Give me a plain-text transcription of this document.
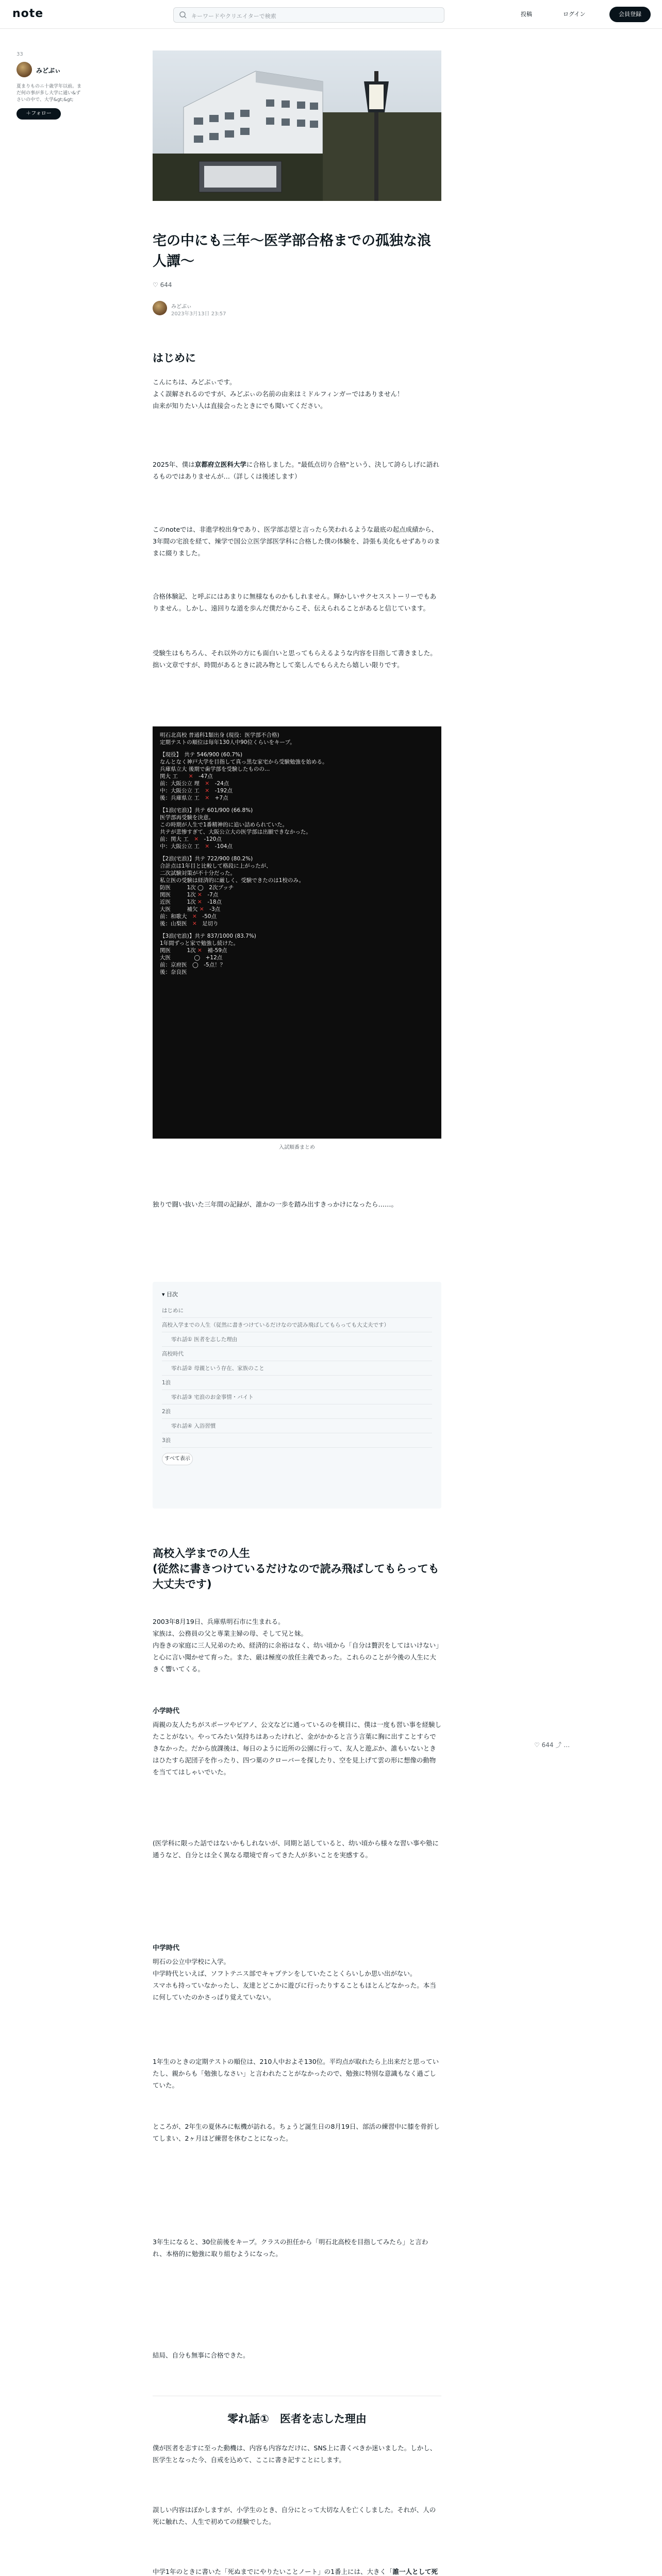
note	キーワードやクリエイターで検索	投稿	ログイン	会員登録
33
みどぶぃ
夏まりものニ十歳学年以前。まだ何の事が多し大学に通い&ずさいの中で、大学&gt;&gt;
＋フォロー
宅の中にも三年〜医学部合格までの孤独な浪人譚〜
♡ 644
みどぶぃ
2023年3月13日 23:57
はじめに
こんにちは、みどぶぃです。
よく誤解されるのですが、みどぶぃの名前の由来はミドルフィンガーではありません！
由来が知りたい人は直接会ったときにでも聞いてください。
2025年、僕は京都府立医科大学に合格しました。"最低点切り合格"という、決して誇らしげに語れるものではありませんが…（詳しくは後述します）
このnoteでは、非進学校出身であり、医学部志望と言ったら笑われるような最底の起点成績から、3年間の宅浪を経て、辣学で国公立医学部医学科に合格した僕の体験を、詩張も美化もせずありのままに綴りました。
合格体験記、と呼ぶにはあまりに無様なものかもしれません。輝かしいサクセスストーリーでもありません。しかし、遠回りな道を歩んだ僕だからこそ、伝えられることがあると信じています。
受験生はもちろん、それ以外の方にも面白いと思ってもらえるような内容を目指して書きました。拙い文章ですが、時間があるときに読み物として楽しんでもらえたら嬉しい限りです。
明石北高校 普通科1類出身 (現役：医学部不合格)
定期テストの順位は毎年130人中90位くらいをキープ。
【現役】　共テ 546/900 (60.7%)
なんとなく神戸大学を目指して真っ黒な家宅から受験勉強を始める。
兵庫県立大 後期で歯学部を受験したものの…
関大 工　　✕　-47点
前：大阪公立 理　✕　-24点
中：大阪公立 工　✕　-192点
後：兵庫県立 工　✕　+7点
【1浪(宅浪)】共テ 601/900 (66.8%)
医学部再受験を決意。
この時期が人生で1番精神的に追い詰められていた。
共テが悲惨すぎて、大阪公立大の医学部は出願できなかった。
前：関大 工　✕　-120点
中：大阪公立 工　✕　-104点
【2浪(宅浪)】共テ 722/900 (80.2%)
合計点は1年目と比較して格段に上がったが、
二次試験対策が不十分だった。
私立医の受験は経済的に厳しく、受験できたのは1校のみ。
防医　　　1次 ◯　2次ブッチ
関医　　　1次 ✕　-7点
近医　　　1次 ✕　-18点
大医　　　補欠 ✕　-3点
前：和歌大　✕　-50点
後：山梨医　✕　足切り
【3浪(宅浪)】共テ 837/1000 (83.7%)
1年間ずっと家で勉強し続けた。
関医　　　1次 ✕　補-59点
大医　　　　 ◯　+12点
前：京府医　◯　-5点！？
後：奈良医　　　
入試順番まとめ
独りで闘い抜いた三年間の記録が、誰かの一歩を踏み出すきっかけになったら……。
▾ 目次
はじめに
高校入学までの人生（従然に書きつけているだけなので読み飛ばしてもらっても大丈夫です）
零れ話① 医者を志した理由
高校時代
零れ話② 母親という存在、家族のこと
1浪
零れ話③ 宅浪のお金事情・バイト
2浪
零れ話④ 入浴習慣
3浪
すべて表示
高校入学までの人生
(従然に書きつけているだけなので読み飛ばしてもらっても大丈夫です)
2003年8月19日、兵庫県明石市に生まれる。
家族は、公務員の父と専業主婦の母、そして兄と妹。
内巻きの家庭に三人兄弟のため、経済的に余裕はなく、幼い頃から「自分は贅沢をしてはいけない」と心に言い聞かせて育った。また、厳は極度の放任主義であった。これらのことが今後の人生に大きく響いてくる。
小学時代
両親の友人たちがスポーツやピアノ、公文などに通っているのを横目に、僕は一度も習い事を経験したことがない。やってみたい気持ちはあったけれど、金がかかると言う言葉に胸に出すことすらできなかった。だから放課後は、毎日のように近所の公園に行って、友人と遊ぶか、誰もいないときはひたすら泥団子を作ったり、四つ葉のクローバーを探したり、空を見上げて雲の形に想像の動物を当ててはしゃいでいた。
(医学科に限った話ではないかもしれないが、同期と話していると、幼い頃から様々な習い事や塾に通うなど、自分とは全く異なる環境で育ってきた人が多いことを実感する。
中学時代
明石の公立中学校に入学。
中学時代といえば、ソフトテニス部でキャプテンをしていたことくらいしか思い出がない。
スマホも持っていなかったし、友達とどこかに遊びに行ったりすることもほとんどなかった。本当に何していたのかさっぱり覚えていない。
1年生のときの定期テストの順位は、210人中およそ130位。平均点が取れたら上出来だと思っていたし、親からも「勉強しなさい」と言われたことがなかったので、勉強に特別な意識もなく過ごしていた。
ところが、2年生の夏休みに転機が訪れる。ちょうど誕生日の8月19日、部活の練習中に膝を骨折してしまい、2ヶ月ほど練習を休むことになった。
3年生になると、30位前後をキープ。クラスの担任から「明石北高校を目指してみたら」と言われ、本格的に勉強に取り組むようになった。
結局、自分も無事に合格できた。
零れ話①　医者を志した理由
僕が医者を志すに至った動機は、内容も内容なだけに、SNS上に書くべきか迷いました。しかし、医学生となった今、自戒を込めて、ここに書き記すことにします。
誤しい内容はぼかしますが、小学生のとき、自分にとって大切な人を亡くしました。それが、人の死に触れた、人生で初めての経験でした。
中学1年のときに書いた「死ぬまでにやりたいことノート」の1番上には、大きく「誰一人として死
♡ 644 ⤴ …
